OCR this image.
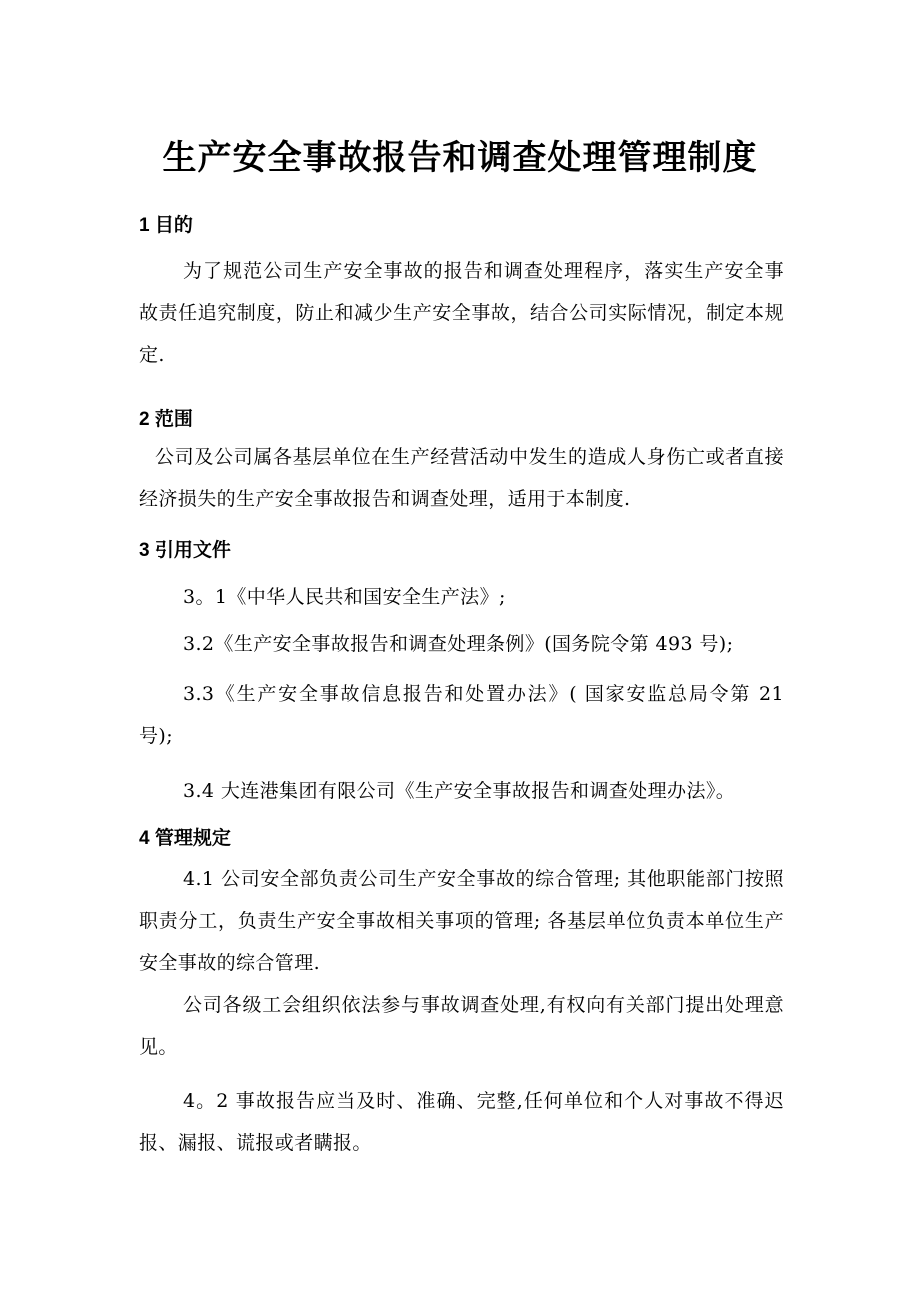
生产安全事故报告和调查处理管理制度
1 目的
为了规范公司生产安全事故的报告和调查处理程序，落实生产安全事故责任追究制度，防止和减少生产安全事故，结合公司实际情况，制定本规定.
2 范围
公司及公司属各基层单位在生产经营活动中发生的造成人身伤亡或者直接经济损失的生产安全事故报告和调查处理，适用于本制度.
3 引用文件
3。1《中华人民共和国安全生产法》;
3.2《生产安全事故报告和调查处理条例》(国务院令第 493 号);
3.3《生产安全事故信息报告和处置办法》( 国家安监总局令第 21 号);
3.4 大连港集团有限公司《生产安全事故报告和调查处理办法》。
4 管理规定
4.1 公司安全部负责公司生产安全事故的综合管理; 其他职能部门按照职责分工，负责生产安全事故相关事项的管理; 各基层单位负责本单位生产安全事故的综合管理.
公司各级工会组织依法参与事故调查处理,有权向有关部门提出处理意见。
4。2 事故报告应当及时、准确、完整,任何单位和个人对事故不得迟报、漏报、谎报或者瞒报。
